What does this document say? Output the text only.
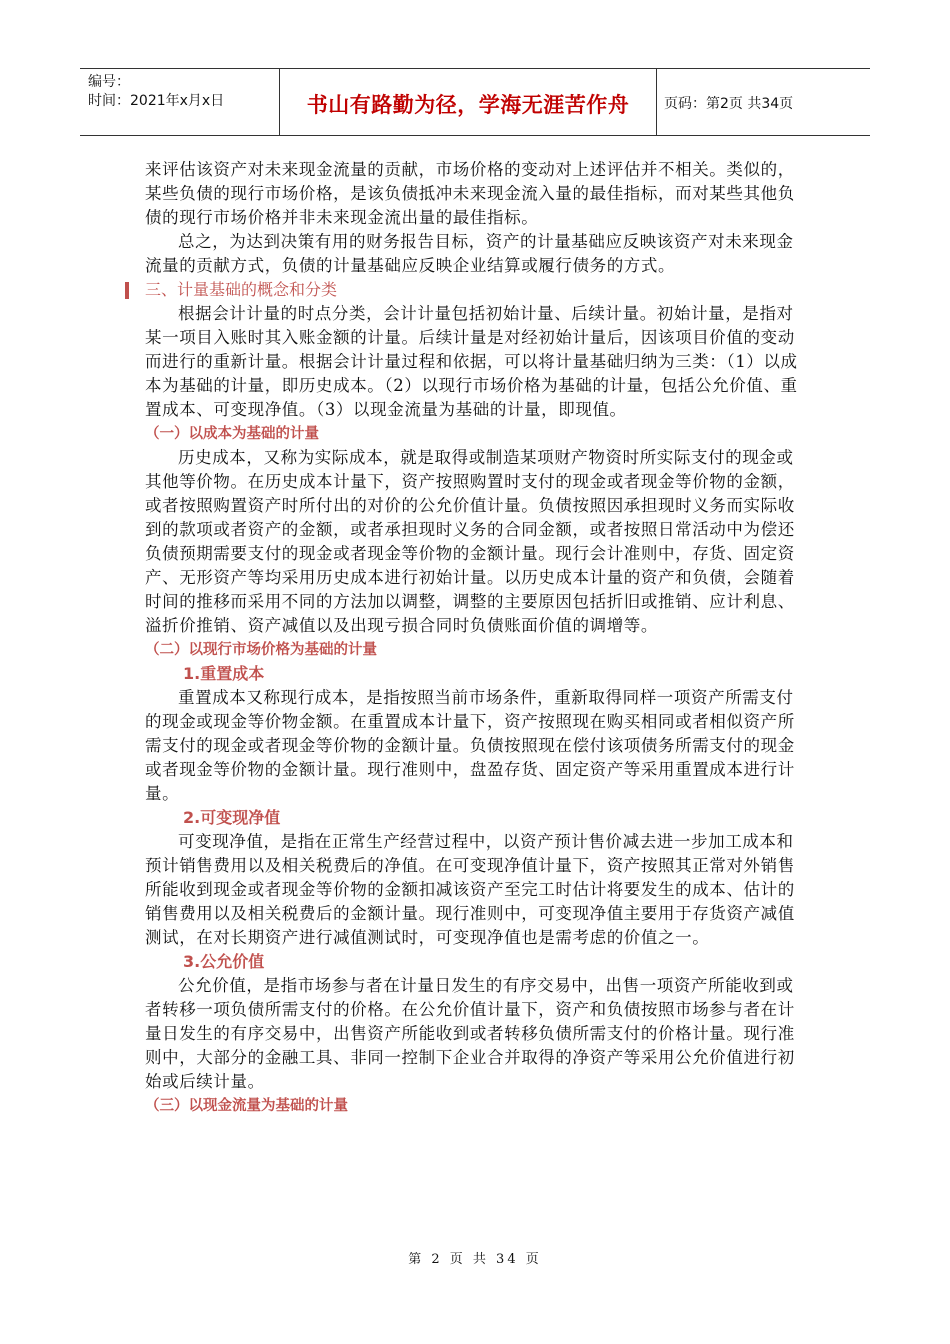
编号：
时间：2021年x月x日	书山有路勤为径，学海无涯苦作舟	页码：第2页 共34页

来评估该资产对未来现金流量的贡献，市场价格的变动对上述评估并不相关。类似的，某些负债的现行市场价格，是该负债抵冲未来现金流入量的最佳指标，而对某些其他负债的现行市场价格并非未来现金流出量的最佳指标。

总之，为达到决策有用的财务报告目标，资产的计量基础应反映该资产对未来现金流量的贡献方式，负债的计量基础应反映企业结算或履行债务的方式。

三、计量基础的概念和分类

根据会计计量的时点分类，会计计量包括初始计量、后续计量。初始计量，是指对某一项目入账时其入账金额的计量。后续计量是对经初始计量后，因该项目价值的变动而进行的重新计量。根据会计计量过程和依据，可以将计量基础归纳为三类：（1）以成本为基础的计量，即历史成本。（2）以现行市场价格为基础的计量，包括公允价值、重置成本、可变现净值。（3）以现金流量为基础的计量，即现值。

（一）以成本为基础的计量

历史成本，又称为实际成本，就是取得或制造某项财产物资时所实际支付的现金或其他等价物。在历史成本计量下，资产按照购置时支付的现金或者现金等价物的金额，或者按照购置资产时所付出的对价的公允价值计量。负债按照因承担现时义务而实际收到的款项或者资产的金额，或者承担现时义务的合同金额，或者按照日常活动中为偿还负债预期需要支付的现金或者现金等价物的金额计量。现行会计准则中，存货、固定资产、无形资产等均采用历史成本进行初始计量。以历史成本计量的资产和负债，会随着时间的推移而采用不同的方法加以调整，调整的主要原因包括折旧或推销、应计利息、溢折价推销、资产减值以及出现亏损合同时负债账面价值的调增等。

（二）以现行市场价格为基础的计量
1.重置成本

重置成本又称现行成本，是指按照当前市场条件，重新取得同样一项资产所需支付的现金或现金等价物金额。在重置成本计量下，资产按照现在购买相同或者相似资产所需支付的现金或者现金等价物的金额计量。负债按照现在偿付该项债务所需支付的现金或者现金等价物的金额计量。现行准则中，盘盈存货、固定资产等采用重置成本进行计量。

2.可变现净值

可变现净值，是指在正常生产经营过程中，以资产预计售价减去进一步加工成本和预计销售费用以及相关税费后的净值。在可变现净值计量下，资产按照其正常对外销售所能收到现金或者现金等价物的金额扣减该资产至完工时估计将要发生的成本、估计的销售费用以及相关税费后的金额计量。现行准则中，可变现净值主要用于存货资产减值测试，在对长期资产进行减值测试时，可变现净值也是需考虑的价值之一。

3.公允价值

公允价值，是指市场参与者在计量日发生的有序交易中，出售一项资产所能收到或者转移一项负债所需支付的价格。在公允价值计量下，资产和负债按照市场参与者在计量日发生的有序交易中，出售资产所能收到或者转移负债所需支付的价格计量。现行准则中，大部分的金融工具、非同一控制下企业合并取得的净资产等采用公允价值进行初始或后续计量。

（三）以现金流量为基础的计量
第 2 页 共 34 页
